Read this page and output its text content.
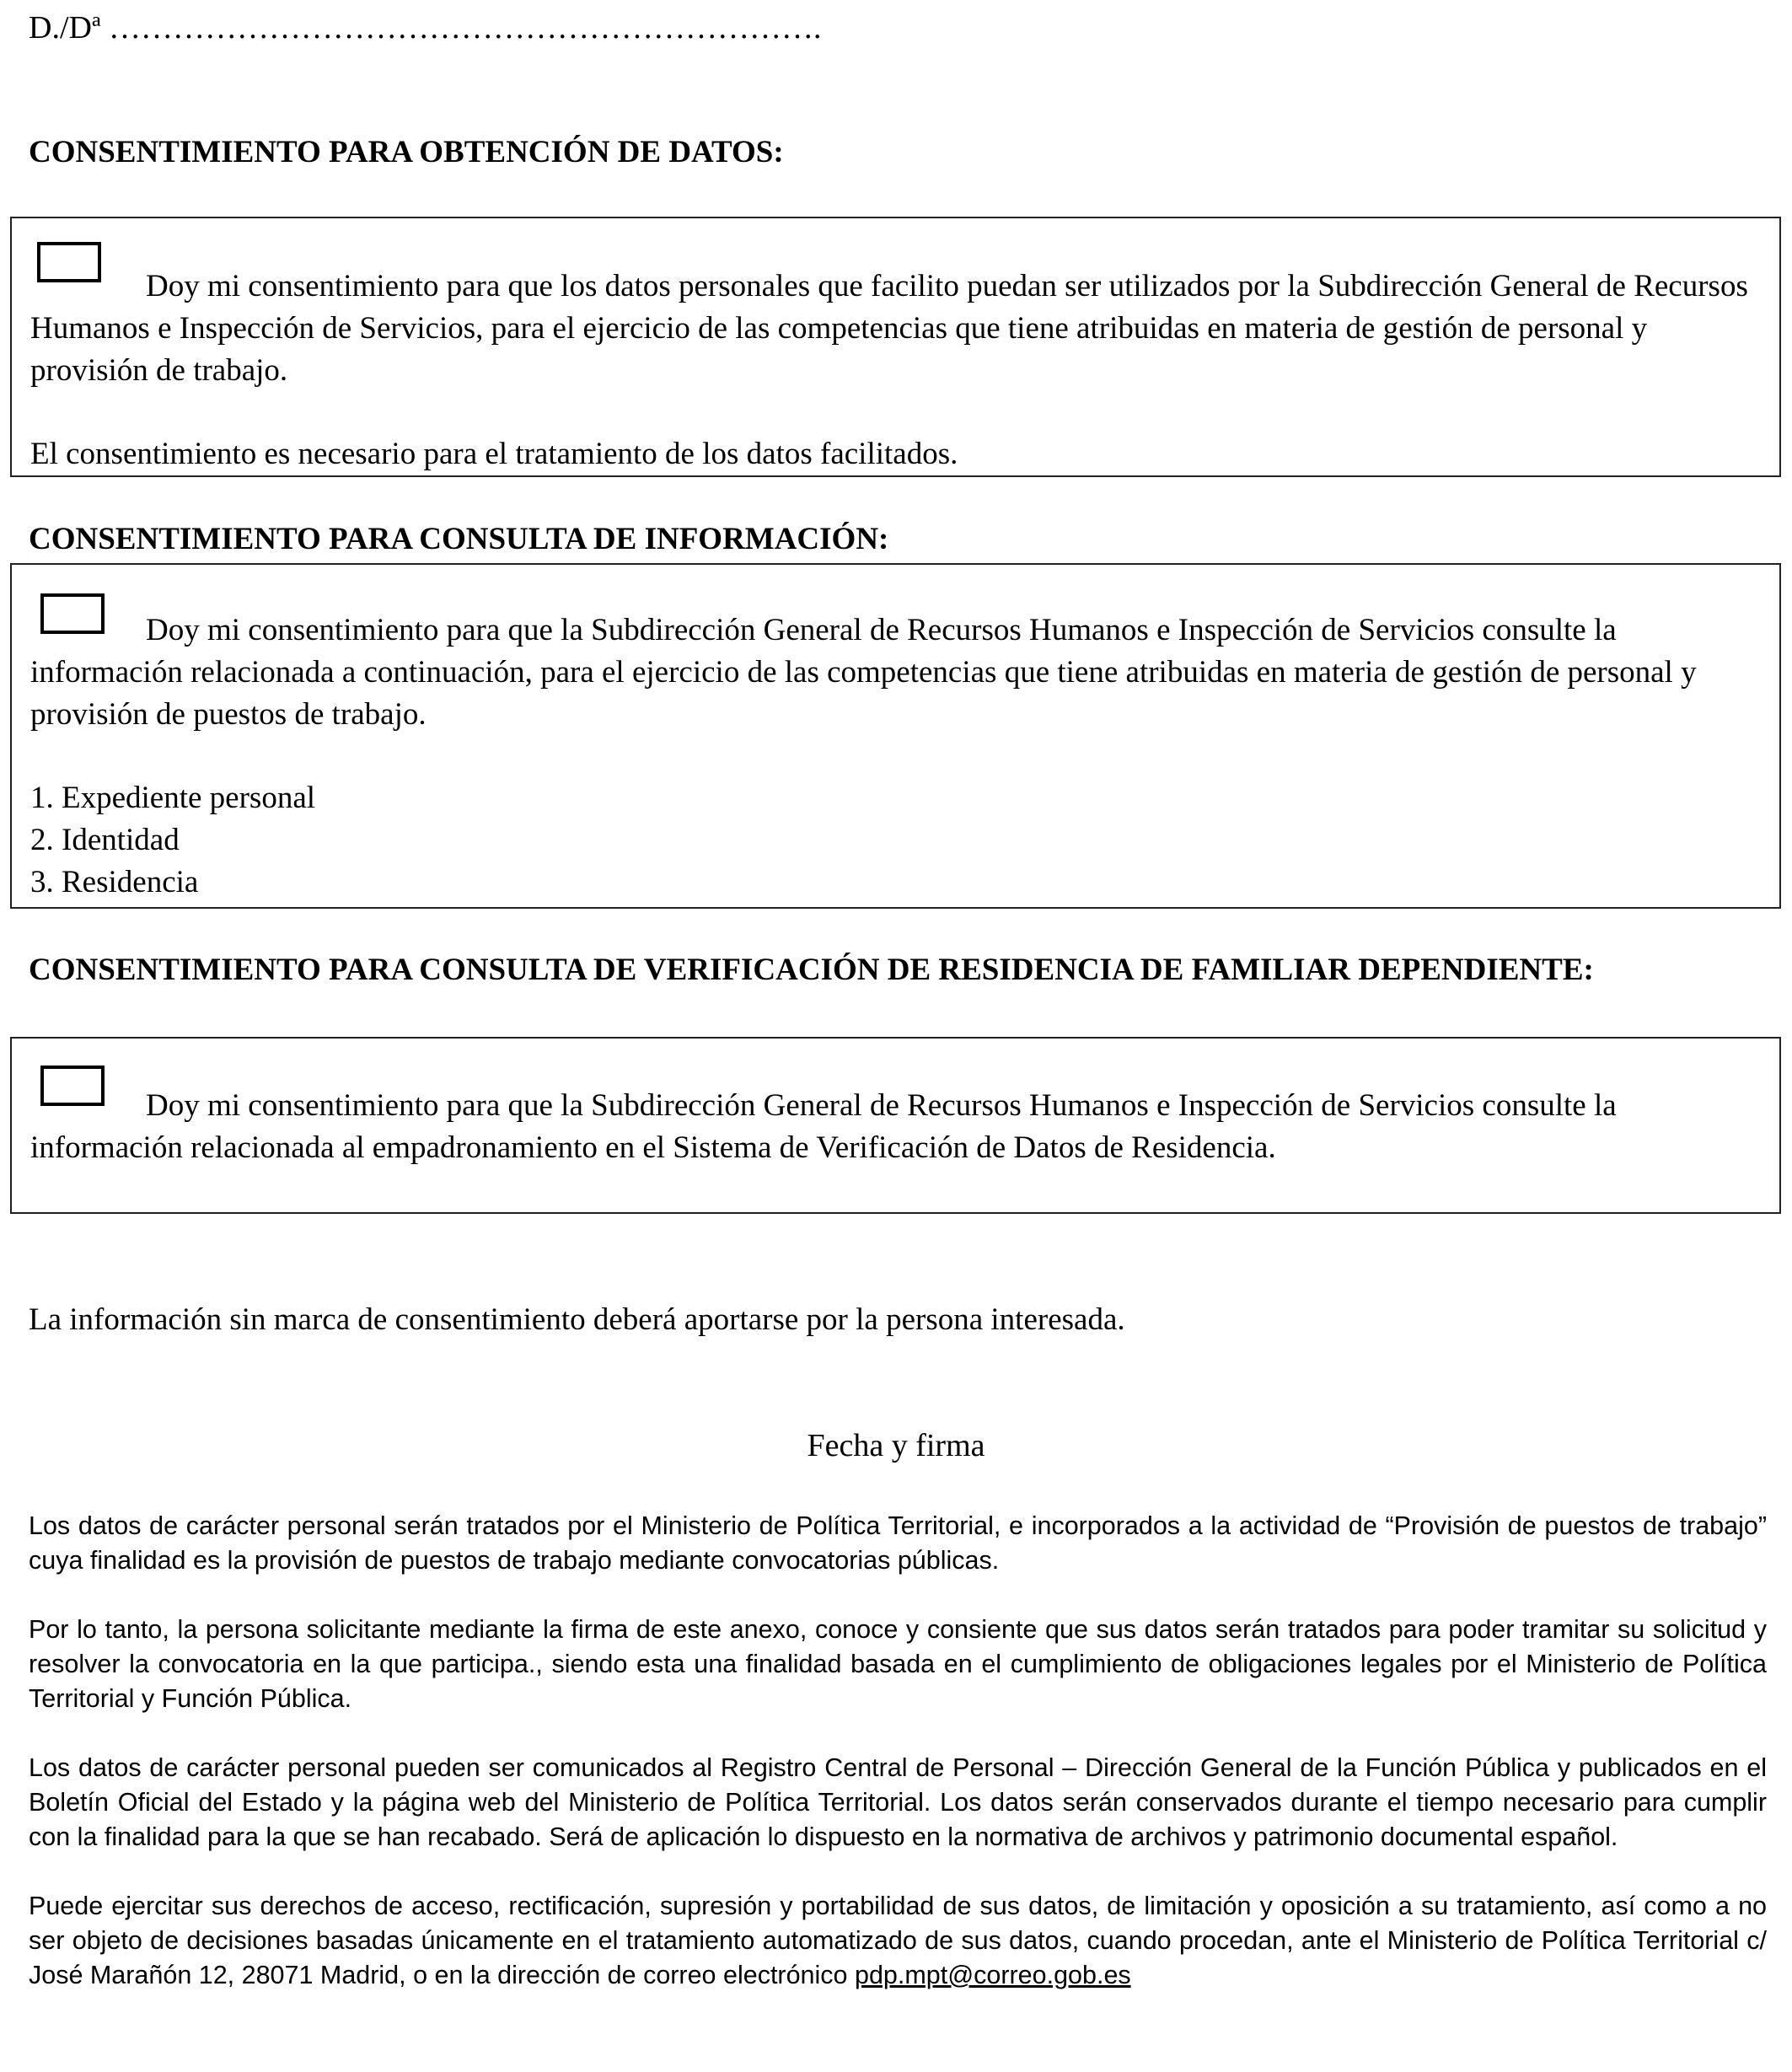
D./Dª ………………………………………………………….
CONSENTIMIENTO PARA OBTENCIÓN DE DATOS:
Doy mi consentimiento para que los datos personales que facilito puedan ser utilizados por la Subdirección General de Recursos Humanos e Inspección de Servicios, para el ejercicio de las competencias que tiene atribuidas en materia de gestión de personal y provisión de trabajo.
El consentimiento es necesario para el tratamiento de los datos facilitados.
CONSENTIMIENTO PARA CONSULTA DE INFORMACIÓN:
Doy mi consentimiento para que la Subdirección General de Recursos Humanos e Inspección de Servicios consulte la información relacionada a continuación, para el ejercicio de las competencias que tiene atribuidas en materia de gestión de personal y provisión de puestos de trabajo.
1. Expediente personal
2. Identidad
3. Residencia
CONSENTIMIENTO PARA CONSULTA DE VERIFICACIÓN DE RESIDENCIA DE FAMILIAR DEPENDIENTE:
Doy mi consentimiento para que la Subdirección General de Recursos Humanos e Inspección de Servicios consulte la información relacionada al empadronamiento en el Sistema de Verificación de Datos de Residencia.
La información sin marca de consentimiento deberá aportarse por la persona interesada.
Fecha y firma

Los datos de carácter personal serán tratados por el Ministerio de Política Territorial, e incorporados a la actividad de “Provisión de puestos de trabajo” cuya finalidad es la provisión de puestos de trabajo mediante convocatorias públicas.

Por lo tanto, la persona solicitante mediante la firma de este anexo, conoce y consiente que sus datos serán tratados para poder tramitar su solicitud y resolver la convocatoria en la que participa., siendo esta una finalidad basada en el cumplimiento de obligaciones legales por el Ministerio de Política Territorial y Función Pública.

Los datos de carácter personal pueden ser comunicados al Registro Central de Personal – Dirección General de la Función Pública y publicados en el Boletín Oficial del Estado y la página web del Ministerio de Política Territorial. Los datos serán conservados durante el tiempo necesario para cumplir con la finalidad para la que se han recabado. Será de aplicación lo dispuesto en la normativa de archivos y patrimonio documental español.

Puede ejercitar sus derechos de acceso, rectificación, supresión y portabilidad de sus datos, de limitación y oposición a su tratamiento, así como a no ser objeto de decisiones basadas únicamente en el tratamiento automatizado de sus datos, cuando procedan, ante el Ministerio de Política Territorial c/ José Marañón 12, 28071 Madrid, o en la dirección de correo electrónico pdp.mpt@correo.gob.es
